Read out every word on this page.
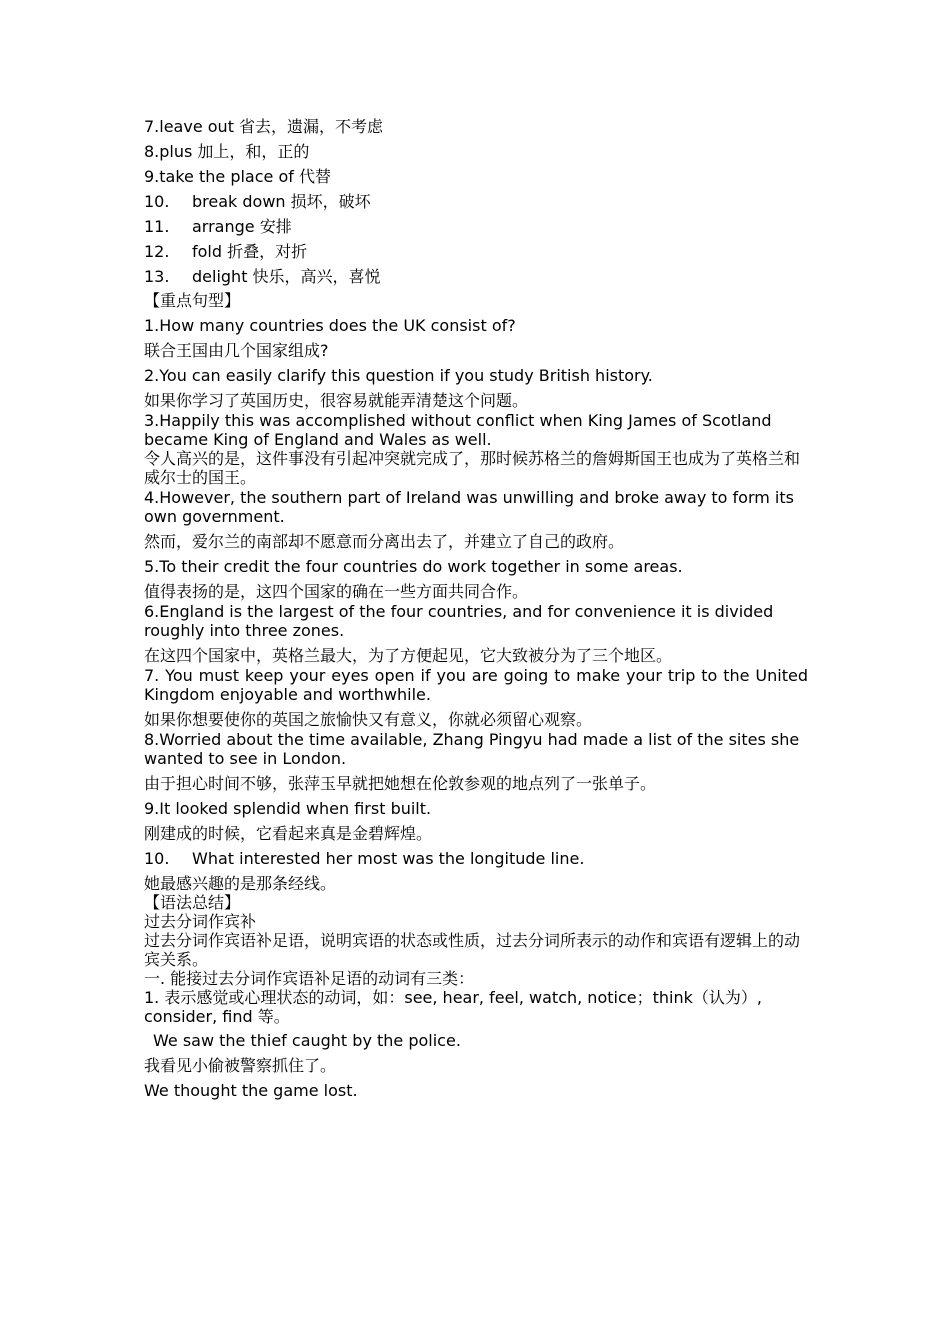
7.leave out 省去，遗漏，不考虑
8.plus 加上，和，正的
9.take the place of 代替
10.	break down 损坏，破坏
11.	arrange 安排
12.	fold 折叠，对折
13.	delight 快乐，高兴，喜悦
【重点句型】
1.How many countries does the UK consist of?
联合王国由几个国家组成?
2.You can easily clarify this question if you study British history.
如果你学习了英国历史，很容易就能弄清楚这个问题。
3.Happily this was accomplished without conflict when King James of Scotland became King of England and Wales as well.
令人高兴的是，这件事没有引起冲突就完成了，那时候苏格兰的詹姆斯国王也成为了英格兰和威尔士的国王。
4.However, the southern part of Ireland was unwilling and broke away to form its own government.
然而，爱尔兰的南部却不愿意而分离出去了，并建立了自己的政府。
5.To their credit the four countries do work together in some areas.
值得表扬的是，这四个国家的确在一些方面共同合作。
6.England is the largest of the four countries, and for convenience it is divided roughly into three zones.
在这四个国家中，英格兰最大，为了方便起见，它大致被分为了三个地区。
7. You must keep your eyes open if you are going to make your trip to the United Kingdom enjoyable and worthwhile.
如果你想要使你的英国之旅愉快又有意义，你就必须留心观察。
8.Worried about the time available, Zhang Pingyu had made a list of the sites she wanted to see in London.
由于担心时间不够，张萍玉早就把她想在伦敦参观的地点列了一张单子。
9.It looked splendid when first built.
刚建成的时候，它看起来真是金碧辉煌。
10.	What interested her most was the longitude line.
她最感兴趣的是那条经线。
【语法总结】
过去分词作宾补
过去分词作宾语补足语，说明宾语的状态或性质，过去分词所表示的动作和宾语有逻辑上的动宾关系。
一. 能接过去分词作宾语补足语的动词有三类：
1. 表示感觉或心理状态的动词，如：see, hear, feel, watch, notice；think（认为）, consider, find 等。
We saw the thief caught by the police.
我看见小偷被警察抓住了。
We thought the game lost.
